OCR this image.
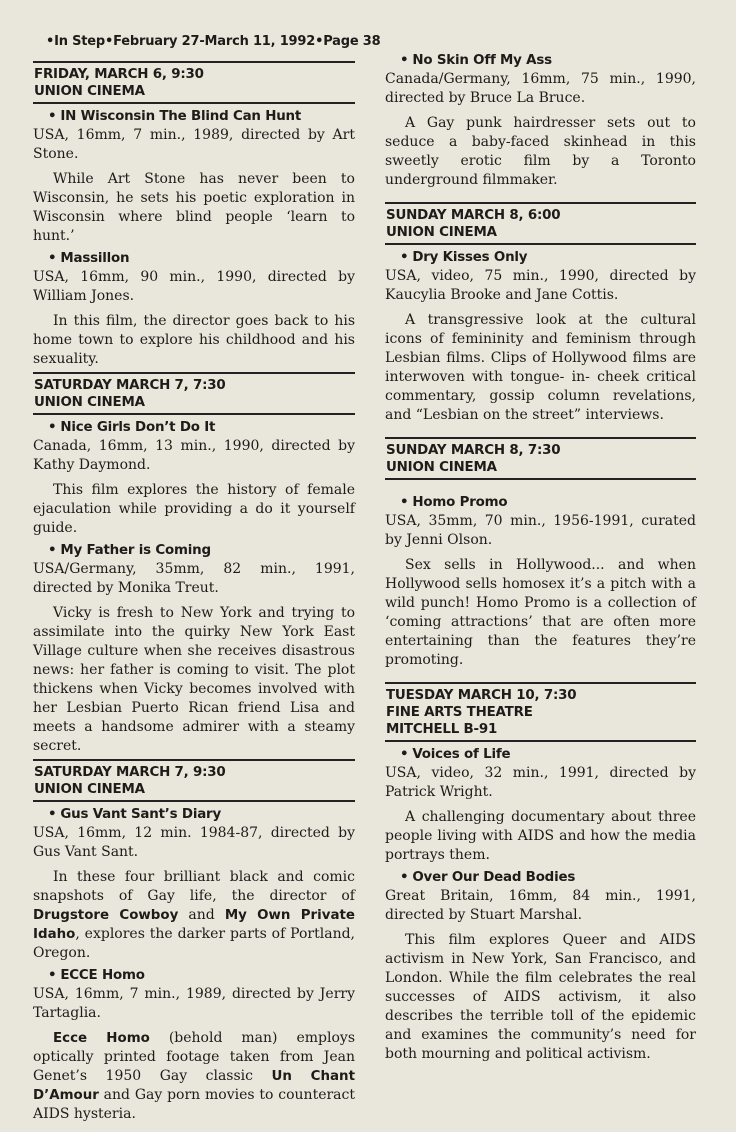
•In Step•February 27-March 11, 1992•Page 38
FRIDAY, MARCH 6, 9:30
UNION CINEMA
• IN Wisconsin The Blind Can Hunt
USA, 16mm, 7 min., 1989, directed by Art Stone.
While Art Stone has never been to Wisconsin, he sets his poetic exploration in Wisconsin where blind people ‘learn to hunt.’
• Massillon
USA, 16mm, 90 min., 1990, directed by William Jones.
In this film, the director goes back to his home town to explore his childhood and his sexuality.
SATURDAY MARCH 7, 7:30
UNION CINEMA
• Nice Girls Don’t Do It
Canada, 16mm, 13 min., 1990, directed by Kathy Daymond.
This film explores the history of female ejaculation while providing a do it yourself guide.
• My Father is Coming
USA/Germany, 35mm, 82 min., 1991, directed by Monika Treut.
Vicky is fresh to New York and trying to assimilate into the quirky New York East Village culture when she receives disastrous news: her father is coming to visit. The plot thickens when Vicky becomes involved with her Lesbian Puerto Rican friend Lisa and meets a handsome admirer with a steamy secret.
SATURDAY MARCH 7, 9:30
UNION CINEMA
• Gus Vant Sant’s Diary
USA, 16mm, 12 min. 1984-87, directed by Gus Vant Sant.
In these four brilliant black and comic snapshots of Gay life, the director of Drugstore Cowboy and My Own Private Idaho, explores the darker parts of Portland, Oregon.
• ECCE Homo
USA, 16mm, 7 min., 1989, directed by Jerry Tartaglia.
Ecce Homo (behold man) employs optically printed footage taken from Jean Genet’s 1950 Gay classic Un Chant D’Amour and Gay porn movies to counteract AIDS hysteria.
• No Skin Off My Ass
Canada/Germany, 16mm, 75 min., 1990, directed by Bruce La Bruce.
A Gay punk hairdresser sets out to seduce a baby-faced skinhead in this sweetly erotic film by a Toronto underground filmmaker.
SUNDAY MARCH 8, 6:00
UNION CINEMA
• Dry Kisses Only
USA, video, 75 min., 1990, directed by Kaucylia Brooke and Jane Cottis.
A transgressive look at the cultural icons of femininity and feminism through Lesbian films. Clips of Hollywood films are interwoven with tongue- in- cheek critical commentary, gossip column revelations, and “Lesbian on the street” interviews.
SUNDAY MARCH 8, 7:30
UNION CINEMA
• Homo Promo
USA, 35mm, 70 min., 1956-1991, curated by Jenni Olson.
Sex sells in Hollywood... and when Hollywood sells homosex it’s a pitch with a wild punch! Homo Promo is a collection of ‘coming attractions’ that are often more entertaining than the features they’re promoting.
TUESDAY MARCH 10, 7:30
FINE ARTS THEATRE
MITCHELL B-91
• Voices of Life
USA, video, 32 min., 1991, directed by Patrick Wright.
A challenging documentary about three people living with AIDS and how the media portrays them.
• Over Our Dead Bodies
Great Britain, 16mm, 84 min., 1991, directed by Stuart Marshal.
This film explores Queer and AIDS activism in New York, San Francisco, and London. While the film celebrates the real successes of AIDS activism, it also describes the terrible toll of the epidemic and examines the community’s need for both mourning and political activism.
